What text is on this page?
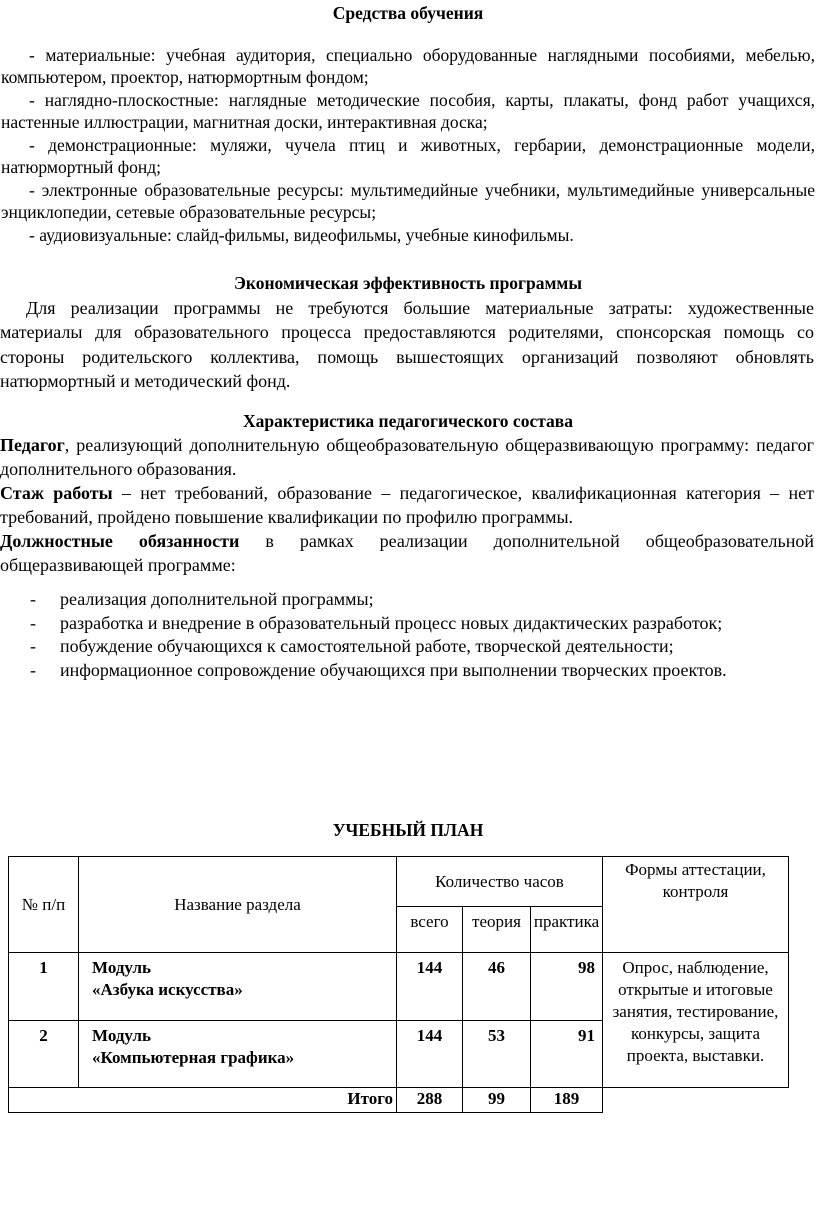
Средства обучения

- материальные: учебная аудитория, специально оборудованные наглядными пособиями, мебелью, компьютером, проектор, натюрмортным фондом;

- наглядно-плоскостные: наглядные методические пособия, карты, плакаты, фонд работ учащихся, настенные иллюстрации, магнитная доски, интерактивная доска;

- демонстрационные: муляжи, чучела птиц и животных, гербарии, демонстрационные модели, натюрмортный фонд;

- электронные образовательные ресурсы: мультимедийные учебники, мультимедийные универсальные энциклопедии, сетевые образовательные ресурсы;

- аудиовизуальные: слайд-фильмы, видеофильмы, учебные кинофильмы.

Экономическая эффективность программы

Для реализации программы не требуются большие материальные затраты: художественные материалы для образовательного процесса предоставляются родителями, спонсорская помощь со стороны родительского коллектива, помощь вышестоящих организаций позволяют обновлять натюрмортный и методический фонд.

Характеристика педагогического состава

Педагог, реализующий дополнительную общеобразовательную общеразвивающую программу: педагог дополнительного образования.

Стаж работы – нет требований, образование – педагогическое, квалификационная категория – нет требований, пройдено повышение квалификации по профилю программы.

Должностные обязанности в рамках реализации дополнительной общеобразовательной общеразвивающей программе:

- реализация дополнительной программы;
- разработка и внедрение в образовательный процесс новых дидактических разработок;
- побуждение обучающихся к самостоятельной работе, творческой деятельности;
- информационное сопровождение обучающихся при выполнении творческих проектов.
УЧЕБНЫЙ ПЛАН
№ п/п	Название раздела	Количество часов			Формы аттестации, контроля
		всего	теория	практика	
1	Модуль
«Азбука искусства»	144	46	98	Опрос, наблюдение, открытые и итоговые занятия, тестирование, конкурсы, защита проекта, выставки.
2	Модуль
«Компьютерная графика»	144	53	91	
Итого		288	99	189	
